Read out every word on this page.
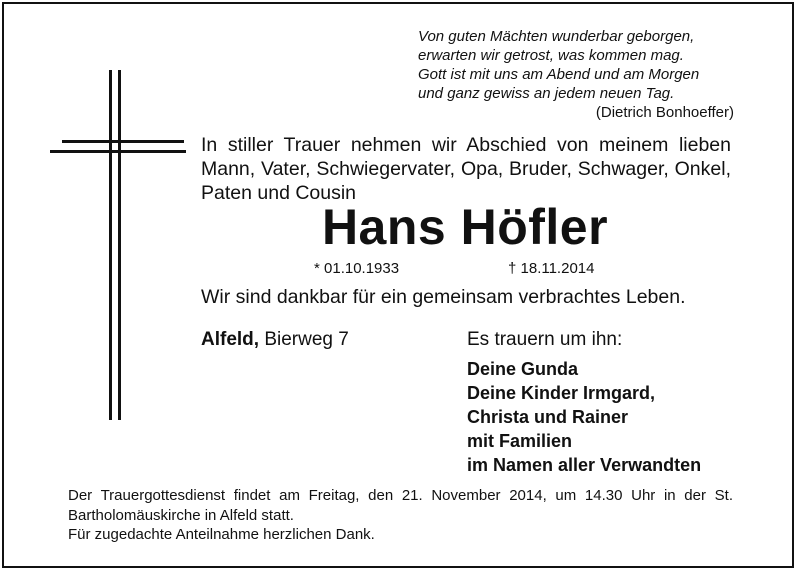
Von guten Mächten wunderbar geborgen,
erwarten wir getrost, was kommen mag.
Gott ist mit uns am Abend und am Morgen
und ganz gewiss an jedem neuen Tag.
(Dietrich Bonhoeffer)
In stiller Trauer nehmen wir Abschied von meinem lieben Mann, Vater, Schwiegervater, Opa, Bruder, Schwager, Onkel, Paten und Cousin
Hans Höfler
* 01.10.1933	† 18.11.2014
Wir sind dankbar für ein gemeinsam verbrachtes Leben.
Alfeld, Bierweg 7	Es trauern um ihn:
Deine Gunda
Deine Kinder Irmgard,
Christa und Rainer
mit Familien
im Namen aller Verwandten
Der Trauergottesdienst findet am Freitag, den 21. November 2014, um 14.30 Uhr in der St. Bartholomäuskirche in Alfeld statt.
Für zugedachte Anteilnahme herzlichen Dank.
